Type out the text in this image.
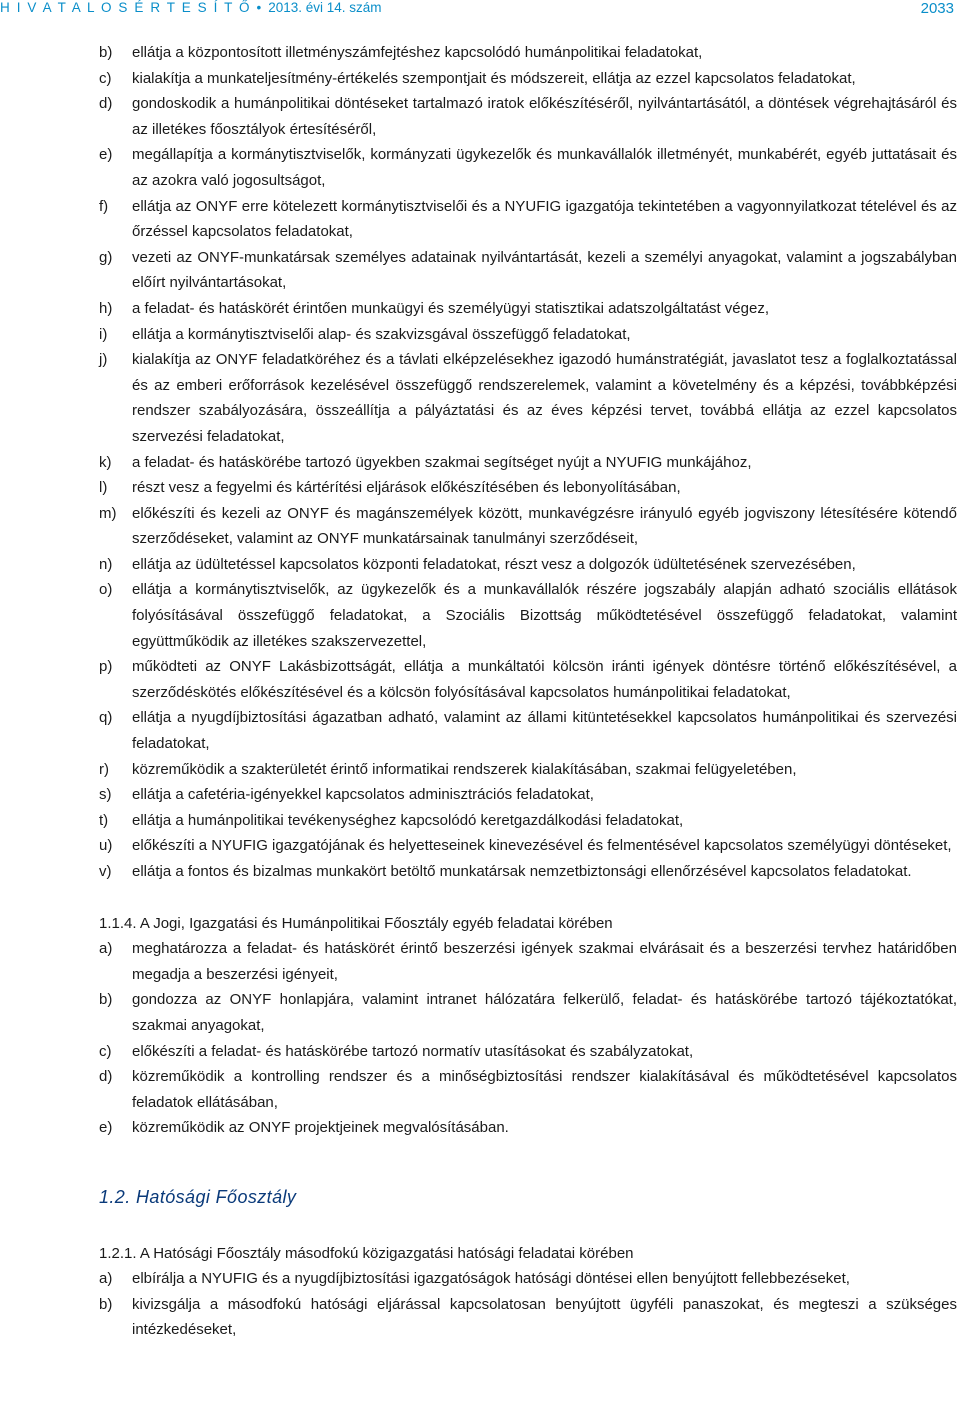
H I V A T A L O S É R T E S Í T Ő • 2013. évi 14. szám	2033
b) ellátja a központosított illetményszámfejtéshez kapcsolódó humánpolitikai feladatokat,
c) kialakítja a munkateljesítmény-értékelés szempontjait és módszereit, ellátja az ezzel kapcsolatos feladatokat,
d) gondoskodik a humánpolitikai döntéseket tartalmazó iratok előkészítéséről, nyilvántartásától, a döntések végrehajtásáról és az illetékes főosztályok értesítéséről,
e) megállapítja a kormánytisztviselők, kormányzati ügykezelők és munkavállalók illetményét, munkabérét, egyéb juttatásait és az azokra való jogosultságot,
f) ellátja az ONYF erre kötelezett kormánytisztviselői és a NYUFIG igazgatója tekintetében a vagyonnyilatkozat tételével és az őrzéssel kapcsolatos feladatokat,
g) vezeti az ONYF-munkatársak személyes adatainak nyilvántartását, kezeli a személyi anyagokat, valamint a jogszabályban előírt nyilvántartásokat,
h) a feladat- és hatáskörét érintően munkaügyi és személyügyi statisztikai adatszolgáltatást végez,
i) ellátja a kormánytisztviselői alap- és szakvizsgával összefüggő feladatokat,
j) kialakítja az ONYF feladatköréhez és a távlati elképzelésekhez igazodó humánstratégiát, javaslatot tesz a foglalkoztatással és az emberi erőforrások kezelésével összefüggő rendszerelemek, valamint a követelmény és a képzési, továbbképzési rendszer szabályozására, összeállítja a pályáztatási és az éves képzési tervet, továbbá ellátja az ezzel kapcsolatos szervezési feladatokat,
k) a feladat- és hatáskörébe tartozó ügyekben szakmai segítséget nyújt a NYUFIG munkájához,
l) részt vesz a fegyelmi és kártérítési eljárások előkészítésében és lebonyolításában,
m) előkészíti és kezeli az ONYF és magánszemélyek között, munkavégzésre irányuló egyéb jogviszony létesítésére kötendő szerződéseket, valamint az ONYF munkatársainak tanulmányi szerződéseit,
n) ellátja az üdültetéssel kapcsolatos központi feladatokat, részt vesz a dolgozók üdültetésének szervezésében,
o) ellátja a kormánytisztviselők, az ügykezelők és a munkavállalók részére jogszabály alapján adható szociális ellátások folyósításával összefüggő feladatokat, a Szociális Bizottság működtetésével összefüggő feladatokat, valamint együttműködik az illetékes szakszervezettel,
p) működteti az ONYF Lakásbizottságát, ellátja a munkáltatói kölcsön iránti igények döntésre történő előkészítésével, a szerződéskötés előkészítésével és a kölcsön folyósításával kapcsolatos humánpolitikai feladatokat,
q) ellátja a nyugdíjbiztosítási ágazatban adható, valamint az állami kitüntetésekkel kapcsolatos humánpolitikai és szervezési feladatokat,
r) közreműködik a szakterületét érintő informatikai rendszerek kialakításában, szakmai felügyeletében,
s) ellátja a cafetéria-igényekkel kapcsolatos adminisztrációs feladatokat,
t) ellátja a humánpolitikai tevékenységhez kapcsolódó keretgazdálkodási feladatokat,
u) előkészíti a NYUFIG igazgatójának és helyetteseinek kinevezésével és felmentésével kapcsolatos személyügyi döntéseket,
v) ellátja a fontos és bizalmas munkakört betöltő munkatársak nemzetbiztonsági ellenőrzésével kapcsolatos feladatokat.
1.1.4. A Jogi, Igazgatási és Humánpolitikai Főosztály egyéb feladatai körében
a) meghatározza a feladat- és hatáskörét érintő beszerzési igények szakmai elvárásait és a beszerzési tervhez határidőben megadja a beszerzési igényeit,
b) gondozza az ONYF honlapjára, valamint intranet hálózatára felkerülő, feladat- és hatáskörébe tartozó tájékoztatókat, szakmai anyagokat,
c) előkészíti a feladat- és hatáskörébe tartozó normatív utasításokat és szabályzatokat,
d) közreműködik a kontrolling rendszer és a minőségbiztosítási rendszer kialakításával és működtetésével kapcsolatos feladatok ellátásában,
e) közreműködik az ONYF projektjeinek megvalósításában.
1.2. Hatósági Főosztály
1.2.1. A Hatósági Főosztály másodfokú közigazgatási hatósági feladatai körében
a) elbírálja a NYUFIG és a nyugdíjbiztosítási igazgatóságok hatósági döntései ellen benyújtott fellebbezéseket,
b) kivizsgálja a másodfokú hatósági eljárással kapcsolatosan benyújtott ügyféli panaszokat, és megteszi a szükséges intézkedéseket,
